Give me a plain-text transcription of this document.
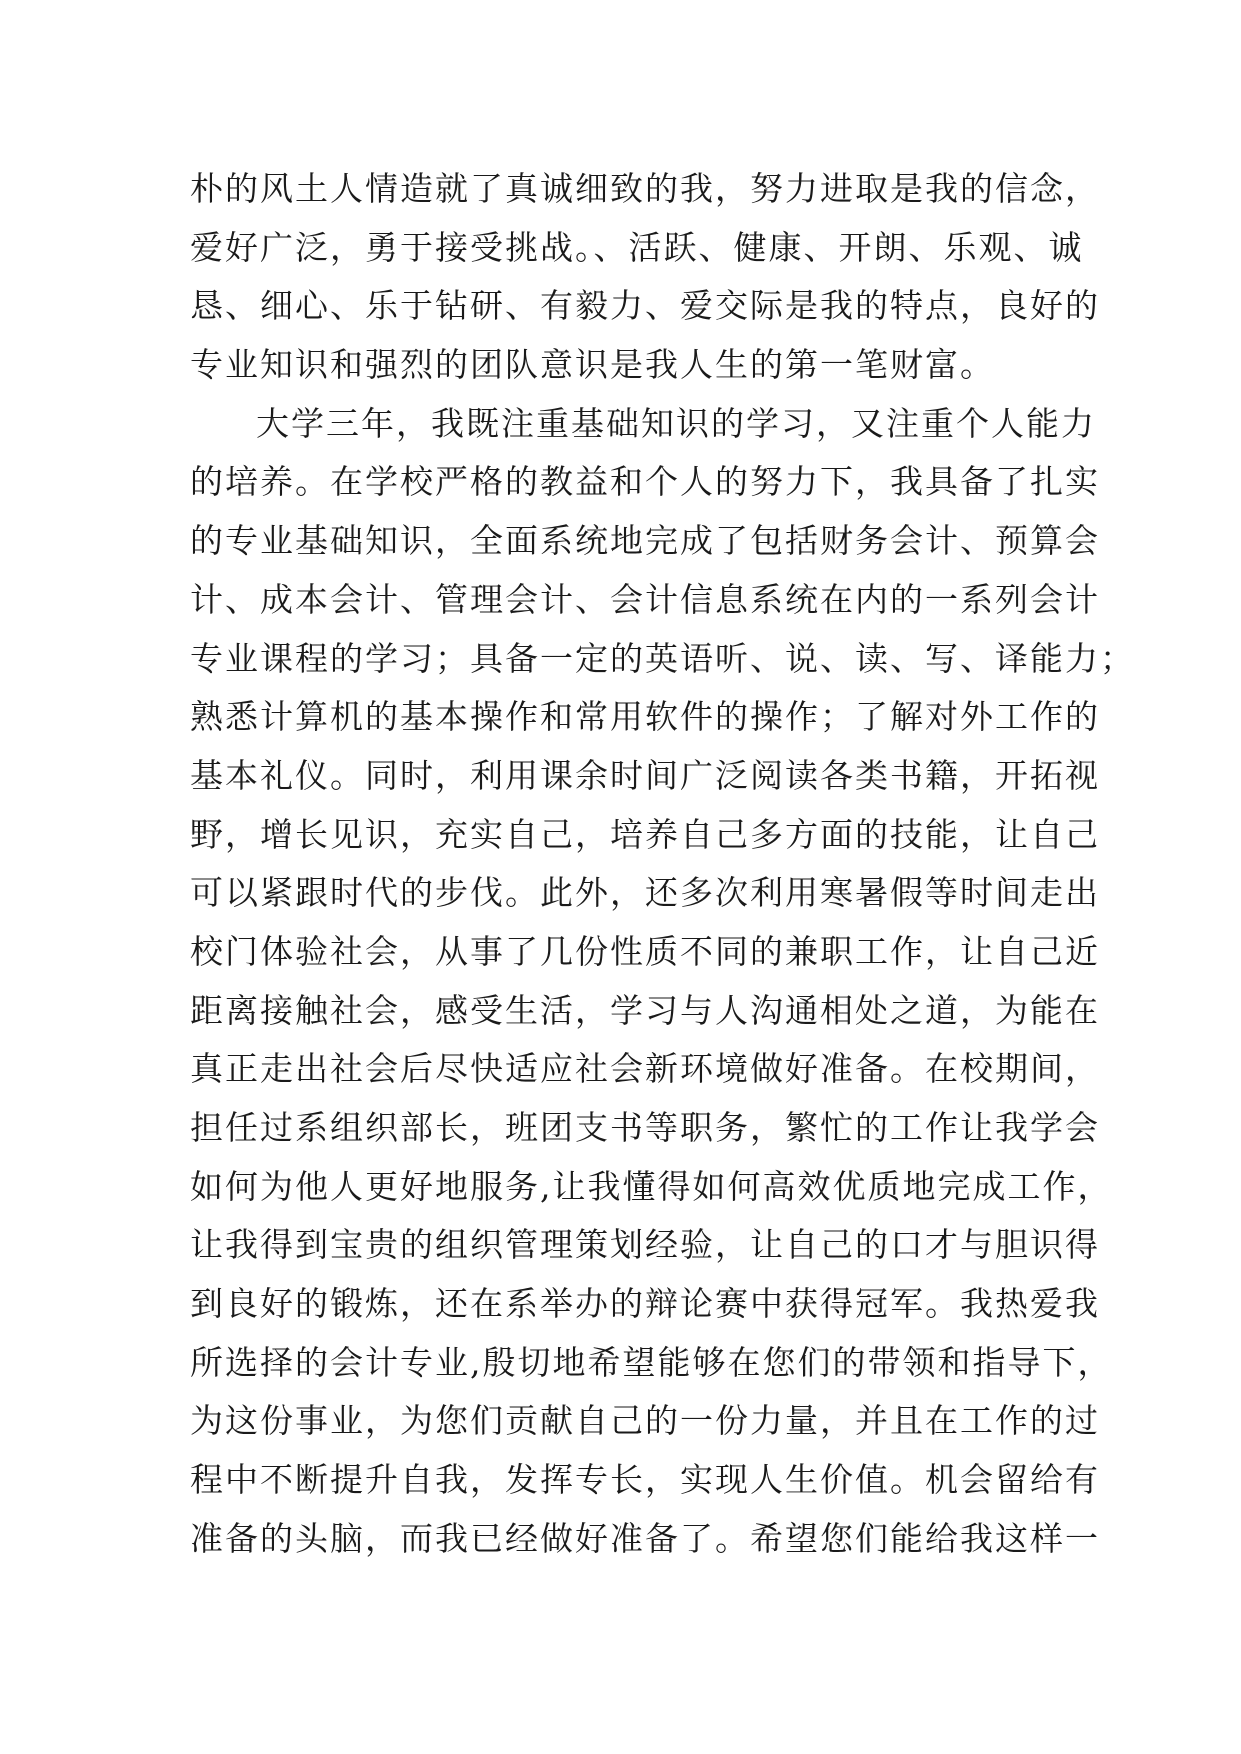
朴的风土人情造就了真诚细致的我，努力进取是我的信念，
爱好广泛，勇于接受挑战。、活跃、健康、开朗、乐观、诚
恳、细心、乐于钻研、有毅力、爱交际是我的特点，良好的
专业知识和强烈的团队意识是我人生的第一笔财富。
大学三年，我既注重基础知识的学习，又注重个人能力
的培养。在学校严格的教益和个人的努力下，我具备了扎实
的专业基础知识，全面系统地完成了包括财务会计、预算会
计、成本会计、管理会计、会计信息系统在内的一系列会计
专业课程的学习；具备一定的英语听、说、读、写、译能力；
熟悉计算机的基本操作和常用软件的操作；了解对外工作的
基本礼仪。同时，利用课余时间广泛阅读各类书籍，开拓视
野，增长见识，充实自己，培养自己多方面的技能，让自己
可以紧跟时代的步伐。此外，还多次利用寒暑假等时间走出
校门体验社会，从事了几份性质不同的兼职工作，让自己近
距离接触社会，感受生活，学习与人沟通相处之道，为能在
真正走出社会后尽快适应社会新环境做好准备。在校期间，
担任过系组织部长，班团支书等职务，繁忙的工作让我学会
如何为他人更好地服务,让我懂得如何高效优质地完成工作，
让我得到宝贵的组织管理策划经验，让自己的口才与胆识得
到良好的锻炼，还在系举办的辩论赛中获得冠军。我热爱我
所选择的会计专业,殷切地希望能够在您们的带领和指导下，
为这份事业，为您们贡献自己的一份力量，并且在工作的过
程中不断提升自我，发挥专长，实现人生价值。机会留给有
准备的头脑，而我已经做好准备了。希望您们能给我这样一
